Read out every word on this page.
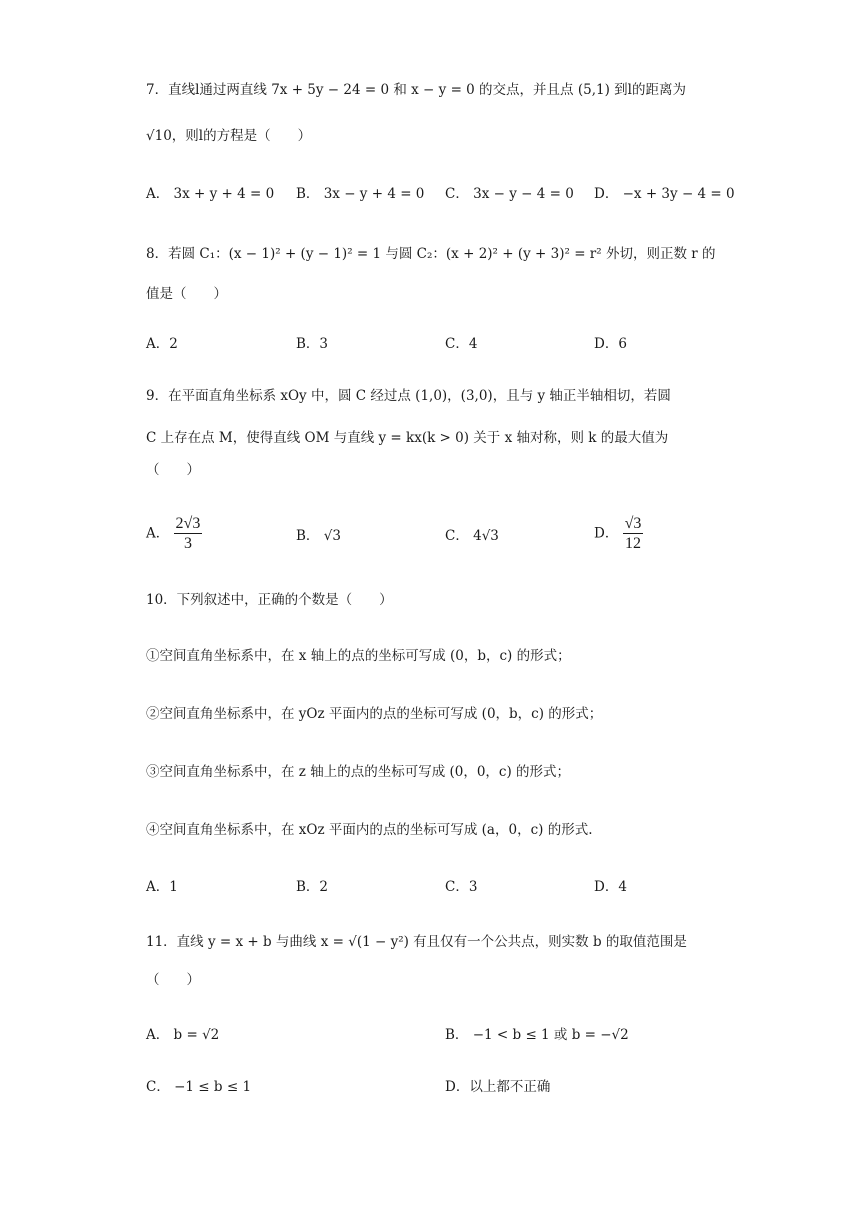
7．直线l通过两直线 7x + 5y − 24 = 0 和 x − y = 0 的交点，并且点 (5,1) 到l的距离为
√10，则l的方程是（　　）
A． 3x + y + 4 = 0 B． 3x − y + 4 = 0 C． 3x − y − 4 = 0 D． −x + 3y − 4 = 0
8．若圆 C₁：(x − 1)² + (y − 1)² = 1 与圆 C₂：(x + 2)² + (y + 3)² = r² 外切，则正数 r 的
值是（　　）
A．2	B．3	C．4	D．6
9．在平面直角坐标系 xOy 中，圆 C 经过点 (1,0)，(3,0)，且与 y 轴正半轴相切，若圆
C 上存在点 M，使得直线 OM 与直线 y = kx(k > 0) 关于 x 轴对称，则 k 的最大值为
（　　）
A． $\frac{2√3}{3}$	B． √3	C． 4√3	D． $\frac{√3}{12}$
10．下列叙述中，正确的个数是（　　）
①空间直角坐标系中，在 x 轴上的点的坐标可写成 (0，b，c) 的形式；
②空间直角坐标系中，在 yOz 平面内的点的坐标可写成 (0，b，c) 的形式；
③空间直角坐标系中，在 z 轴上的点的坐标可写成 (0，0，c) 的形式；
④空间直角坐标系中，在 xOz 平面内的点的坐标可写成 (a，0，c) 的形式.
A．1	B．2	C．3	D．4
11．直线 y = x + b 与曲线 x = √(1 − y²) 有且仅有一个公共点，则实数 b 的取值范围是
（　　）
A． b = √2	B． −1 < b ≤ 1 或 b = −√2
C． −1 ≤ b ≤ 1	D．以上都不正确
